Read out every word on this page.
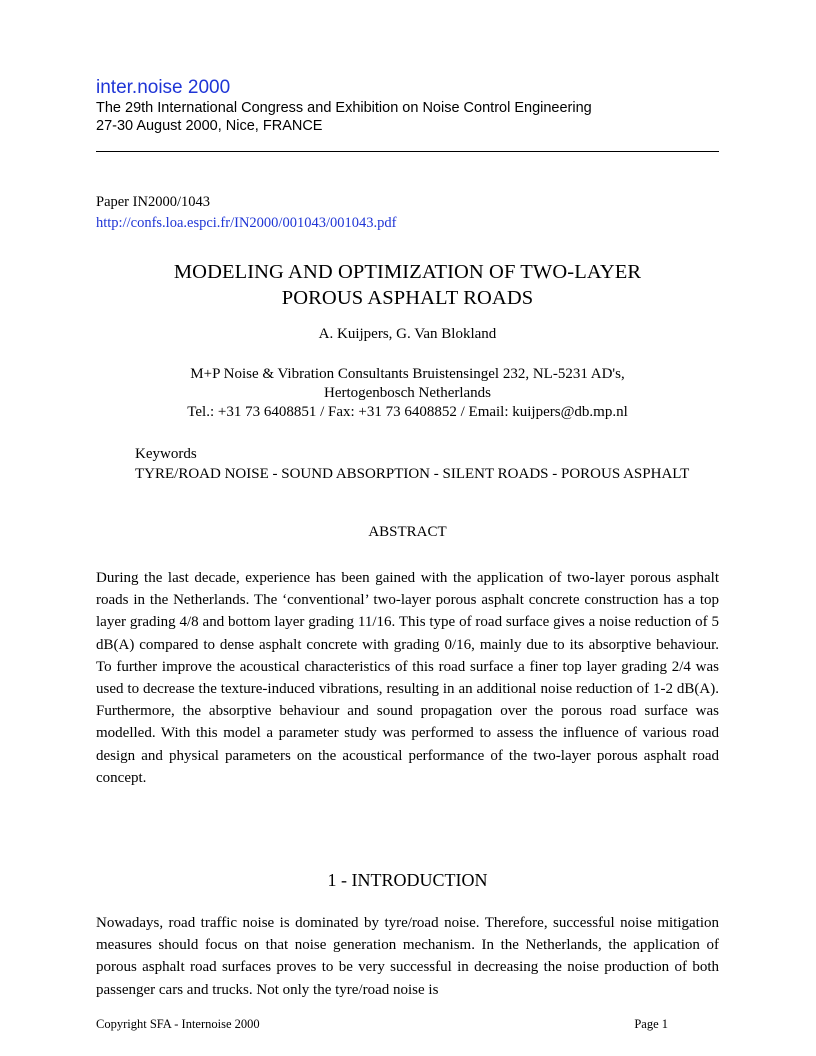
inter.noise 2000
The 29th International Congress and Exhibition on Noise Control Engineering
27-30 August 2000, Nice, FRANCE
Paper IN2000/1043
http://confs.loa.espci.fr/IN2000/001043/001043.pdf
MODELING AND OPTIMIZATION OF TWO-LAYER
POROUS ASPHALT ROADS
A. Kuijpers, G. Van Blokland
M+P Noise & Vibration Consultants Bruistensingel 232, NL-5231 AD's,
Hertogenbosch Netherlands
Tel.: +31 73 6408851 / Fax: +31 73 6408852 / Email: kuijpers@db.mp.nl
Keywords
TYRE/ROAD NOISE - SOUND ABSORPTION - SILENT ROADS - POROUS ASPHALT
ABSTRACT

During the last decade, experience has been gained with the application of two-layer porous asphalt roads in the Netherlands. The ‘conventional’ two-layer porous asphalt concrete construction has a top layer grading 4/8 and bottom layer grading 11/16. This type of road surface gives a noise reduction of 5 dB(A) compared to dense asphalt concrete with grading 0/16, mainly due to its absorptive behaviour. To further improve the acoustical characteristics of this road surface a finer top layer grading 2/4 was used to decrease the texture-induced vibrations, resulting in an additional noise reduction of 1-2 dB(A). Furthermore, the absorptive behaviour and sound propagation over the porous road surface was modelled. With this model a parameter study was performed to assess the influence of various road design and physical parameters on the acoustical performance of the two-layer porous asphalt road concept.

1 - INTRODUCTION

Nowadays, road traffic noise is dominated by tyre/road noise. Therefore, successful noise mitigation measures should focus on that noise generation mechanism. In the Netherlands, the application of porous asphalt road surfaces proves to be very successful in decreasing the noise production of both passenger cars and trucks. Not only the tyre/road noise is

Copyright SFA - Internoise 2000	Page 1
